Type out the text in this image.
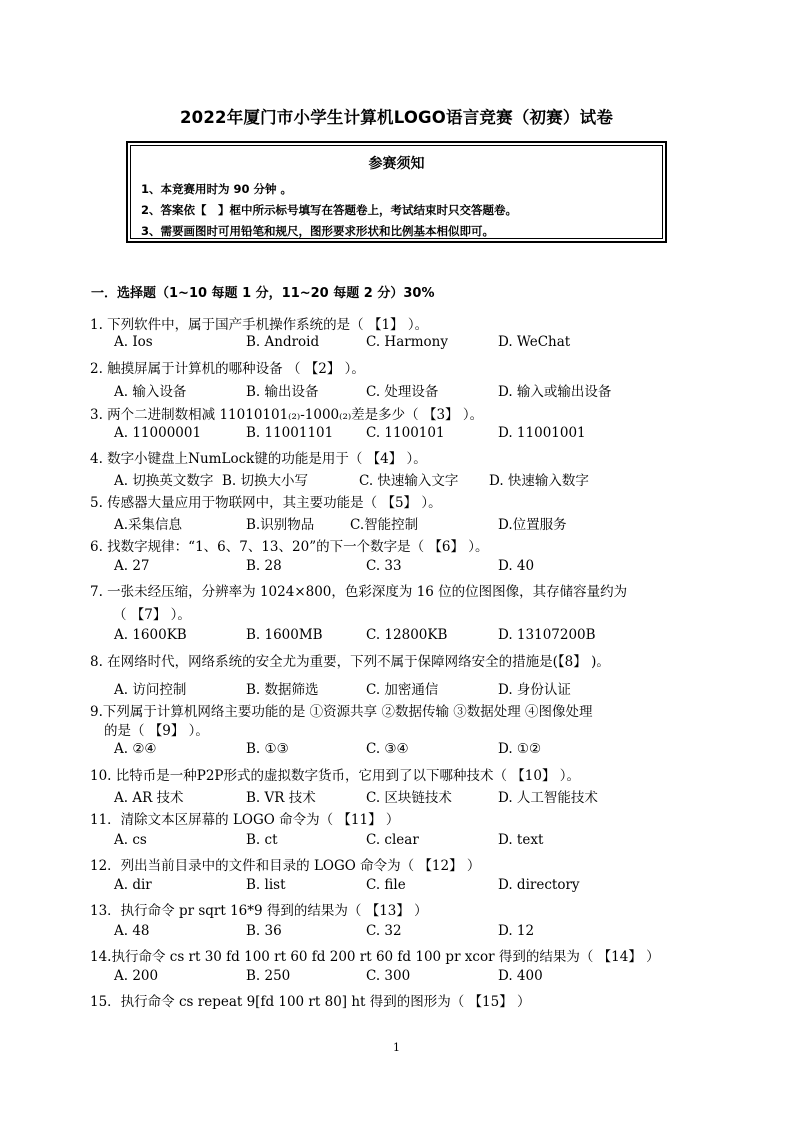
2022年厦门市小学生计算机LOGO语言竞赛（初赛）试卷
参赛须知
1、本竞赛用时为 90 分钟 。
2、答案依【　】框中所示标号填写在答题卷上，考试结束时只交答题卷。
3、需要画图时可用铅笔和规尺，图形要求形状和比例基本相似即可。
一．选择题（1~10 每题 1 分，11~20 每题 2 分）30%
1. 下列软件中，属于国产手机操作系统的是（ 【1】 ）。
A. Ios	B. Android	C. Harmony	D. WeChat
2. 触摸屏属于计算机的哪种设备 （ 【2】 ）。
A. 输入设备	B. 输出设备	C. 处理设备	D. 输入或输出设备
3. 两个二进制数相减 11010101₍₂₎-1000₍₂₎差是多少（ 【3】 ）。
A. 11000001	B. 11001101 C. 1100101	D. 11001001
4. 数字小键盘上NumLock键的功能是用于（ 【4】 ）。
A. 切换英文数字 B. 切换大小写	C. 快速输入文字 D. 快速输入数字
5. 传感器大量应用于物联网中，其主要功能是（ 【5】 ）。
A.采集信息	B.识别物品	C.智能控制	D.位置服务
6. 找数字规律：“1、6、7、13、20”的下一个数字是（ 【6】 ）。
A. 27	B. 28	C. 33	D. 40
7. 一张未经压缩，分辨率为 1024×800，色彩深度为 16 位的位图图像，其存储容量约为
（ 【7】 ）。
A. 1600KB	B. 1600MB	C. 12800KB	D. 13107200B
8. 在网络时代，网络系统的安全尤为重要，下列不属于保障网络安全的措施是(【8】 )。
A. 访问控制	B. 数据筛选	C. 加密通信	D. 身份认证
9.下列属于计算机网络主要功能的是 ①资源共享 ②数据传输 ③数据处理 ④图像处理
的是（ 【9】 ）。
A. ②④	B. ①③	C. ③④	D. ①②
10. 比特币是一种P2P形式的虚拟数字货币，它用到了以下哪种技术（ 【10】 ）。
A. AR 技术	B. VR 技术	C. 区块链技术	D. 人工智能技术
11．清除文本区屏幕的 LOGO 命令为（ 【11】 ）
A. cs	B. ct	C. clear	D. text
12．列出当前目录中的文件和目录的 LOGO 命令为（ 【12】 ）
A. dir	B. list	C. file	D. directory
13．执行命令 pr sqrt 16*9 得到的结果为（ 【13】 ）
A. 48	B. 36	C. 32	D. 12
14.执行命令 cs rt 30 fd 100 rt 60 fd 200 rt 60 fd 100 pr xcor 得到的结果为（ 【14】 ）
A. 200	B. 250	C. 300	D. 400
15．执行命令 cs repeat 9[fd 100 rt 80] ht 得到的图形为（ 【15】 ）
1
